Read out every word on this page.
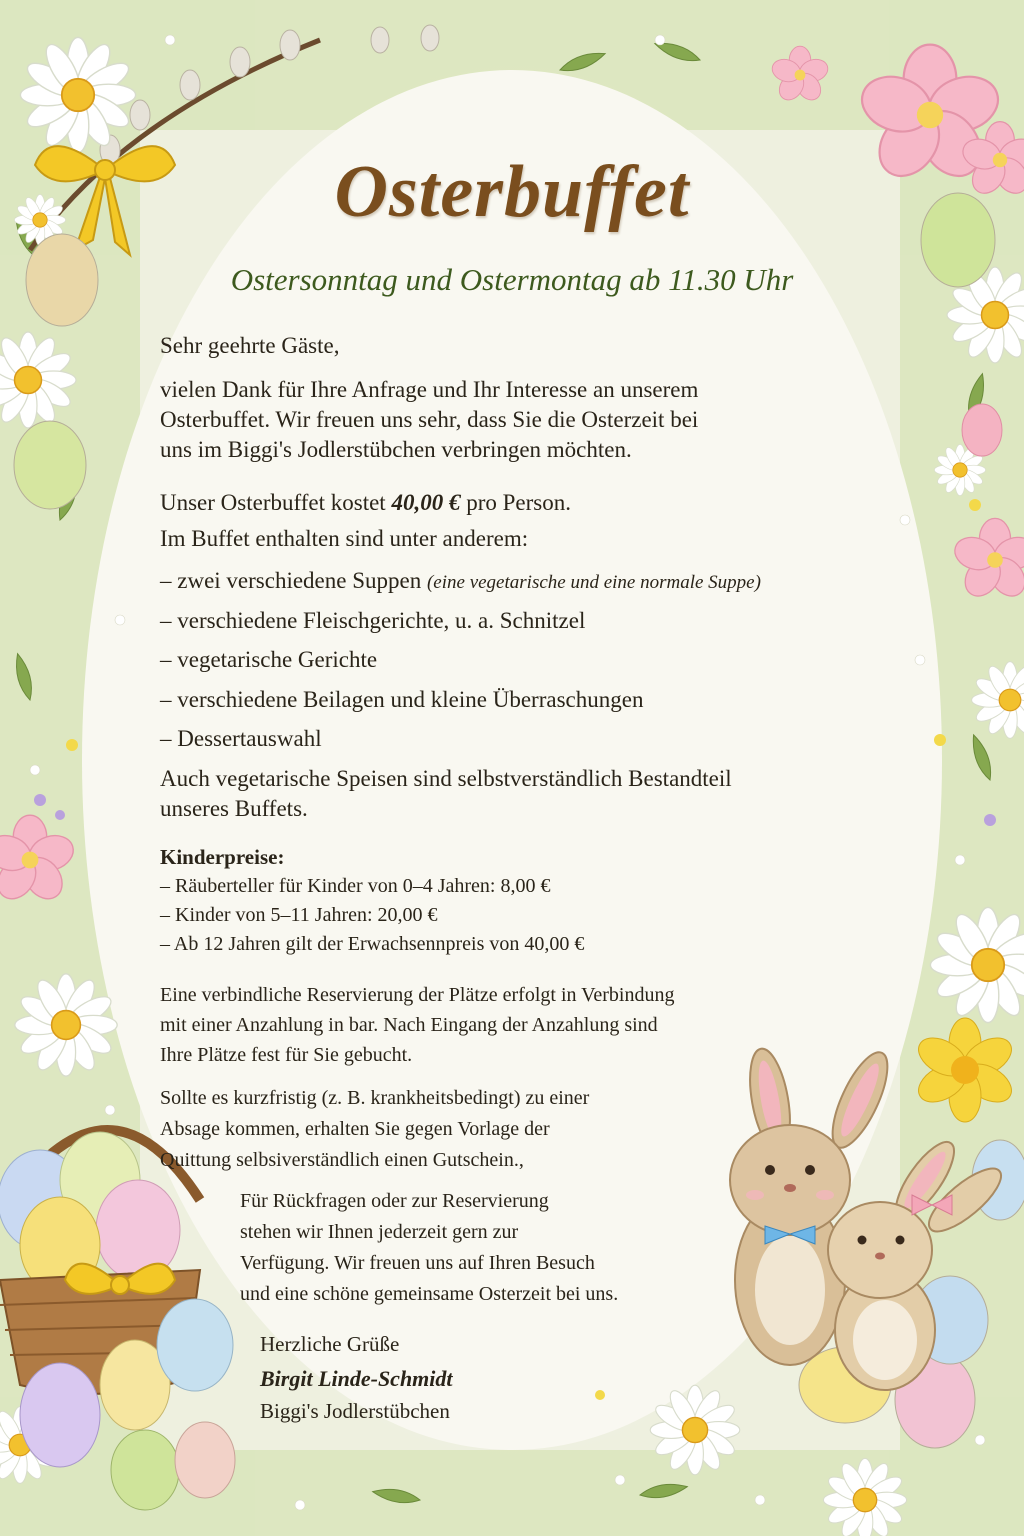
Osterbuffet
Ostersonntag und Ostermontag ab 11.30 Uhr

Sehr geehrte Gäste,

vielen Dank für Ihre Anfrage und Ihr Interesse an unserem
Osterbuffet. Wir freuen uns sehr, dass Sie die Osterzeit bei
uns im Biggi's Jodlerstübchen verbringen möchten.

Unser Osterbuffet kostet 40,00 € pro Person.

Im Buffet enthalten sind unter anderem:

– zwei verschiedene Suppen (eine vegetarische und eine normale Suppe)

– verschiedene Fleischgerichte, u. a. Schnitzel

– vegetarische Gerichte

– verschiedene Beilagen und kleine Überraschungen

– Dessertauswahl

Auch vegetarische Speisen sind selbstverständlich Bestandteil
unseres Buffets.

Kinderpreise:

– Räuberteller für Kinder von 0–4 Jahren: 8,00 €
– Kinder von 5–11 Jahren: 20,00 €
– Ab 12 Jahren gilt der Erwachsennpreis von 40,00 €

Eine verbindliche Reservierung der Plätze erfolgt in Verbindung
mit einer Anzahlung in bar. Nach Eingang der Anzahlung sind
Ihre Plätze fest für Sie gebucht.

Sollte es kurzfristig (z. B. krankheitsbedingt) zu einer
Absage kommen, erhalten Sie gegen Vorlage der
Quittung selbsiverständlich einen Gutschein.,

Für Rückfragen oder zur Reservierung
stehen wir Ihnen jederzeit gern zur
Verfügung. Wir freuen uns auf Ihren Besuch
und eine schöne gemeinsame Osterzeit bei uns.

Herzliche Grüße

Birgit Linde-Schmidt

Biggi's Jodlerstübchen
